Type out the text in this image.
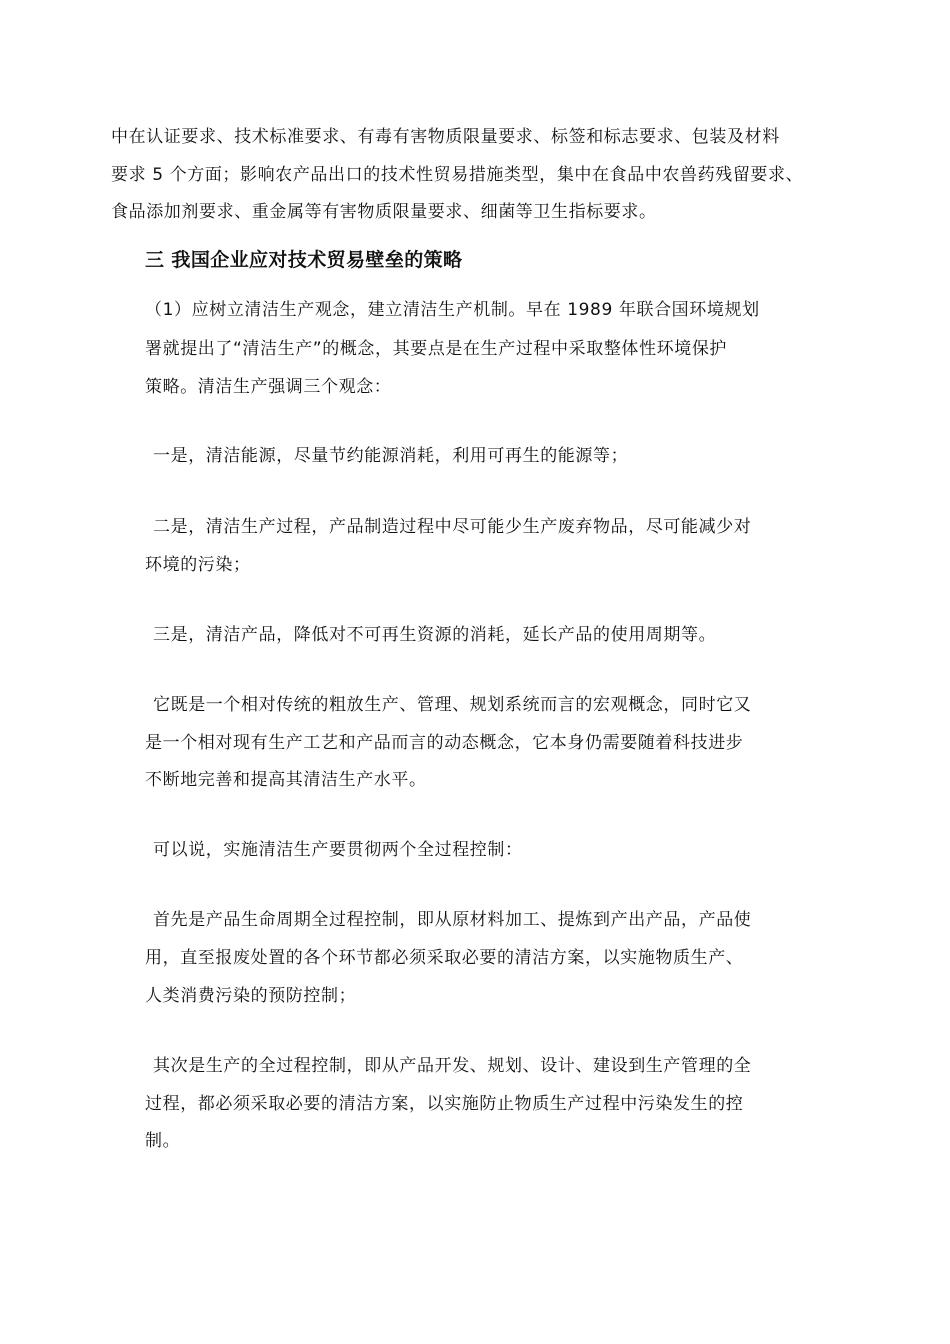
中在认证要求、技术标准要求、有毒有害物质限量要求、标签和标志要求、包装及材料
要求 5 个方面；影响农产品出口的技术性贸易措施类型，集中在食品中农兽药残留要求、
食品添加剂要求、重金属等有害物质限量要求、细菌等卫生指标要求。
三 我国企业应对技术贸易壁垒的策略
（1）应树立清洁生产观念，建立清洁生产机制。早在 1989 年联合国环境规划
署就提出了“清洁生产”的概念，其要点是在生产过程中采取整体性环境保护
策略。清洁生产强调三个观念：
一是，清洁能源，尽量节约能源消耗，利用可再生的能源等；
二是，清洁生产过程，产品制造过程中尽可能少生产废弃物品，尽可能减少对
环境的污染；
三是，清洁产品，降低对不可再生资源的消耗，延长产品的使用周期等。
它既是一个相对传统的粗放生产、管理、规划系统而言的宏观概念，同时它又
是一个相对现有生产工艺和产品而言的动态概念，它本身仍需要随着科技进步
不断地完善和提高其清洁生产水平。
可以说，实施清洁生产要贯彻两个全过程控制：
首先是产品生命周期全过程控制，即从原材料加工、提炼到产出产品，产品使
用，直至报废处置的各个环节都必须采取必要的清洁方案，以实施物质生产、
人类消费污染的预防控制；
其次是生产的全过程控制，即从产品开发、规划、设计、建设到生产管理的全
过程，都必须采取必要的清洁方案，以实施防止物质生产过程中污染发生的控
制。
